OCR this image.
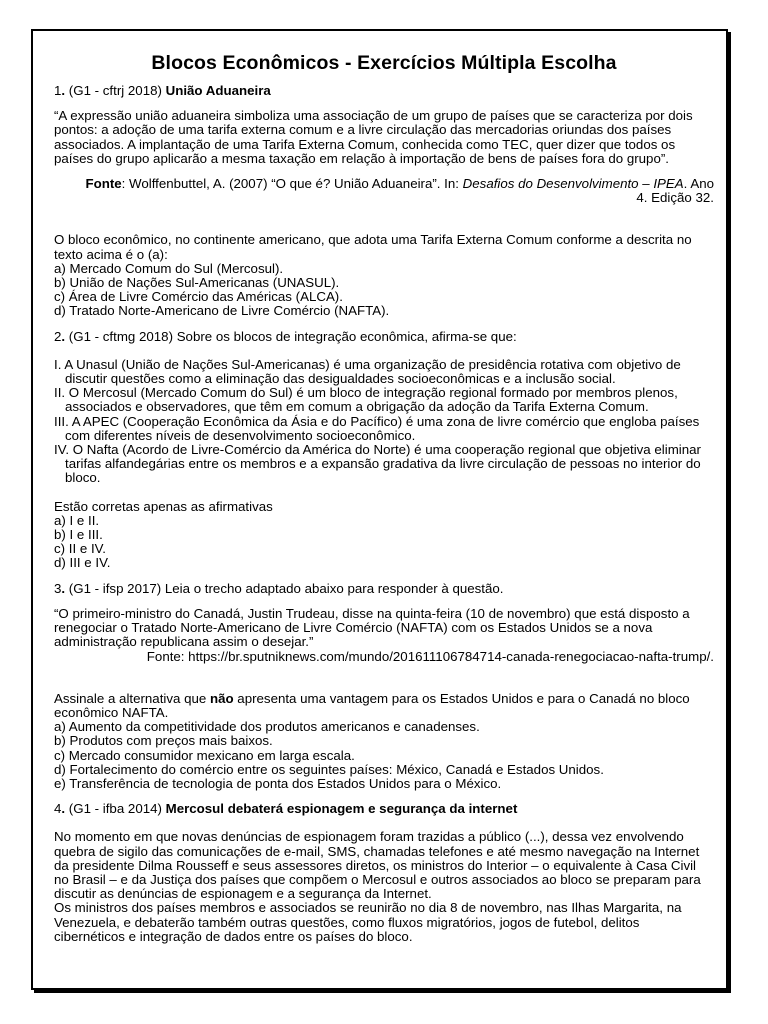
Blocos Econômicos - Exercícios Múltipla Escolha

1. (G1 - cftrj 2018) União Aduaneira

“A expressão união aduaneira simboliza uma associação de um grupo de países que se caracteriza por dois pontos: a adoção de uma tarifa externa comum e a livre circulação das mercadorias oriundas dos países associados. A implantação de uma Tarifa Externa Comum, conhecida como TEC, quer dizer que todos os países do grupo aplicarão a mesma taxação em relação à importação de bens de países fora do grupo”.

Fonte: Wolffenbuttel, A. (2007) “O que é? União Aduaneira”. In: Desafios do Desenvolvimento – IPEA. Ano 4. Edição 32.

O bloco econômico, no continente americano, que adota uma Tarifa Externa Comum conforme a descrita no texto acima é o (a):

a) Mercado Comum do Sul (Mercosul).

b) União de Nações Sul-Americanas (UNASUL).

c) Área de Livre Comércio das Américas (ALCA).

d) Tratado Norte-Americano de Livre Comércio (NAFTA).

2. (G1 - cftmg 2018) Sobre os blocos de integração econômica, afirma-se que:

I. A Unasul (União de Nações Sul-Americanas) é uma organização de presidência rotativa com objetivo de discutir questões como a eliminação das desigualdades socioeconômicas e a inclusão social.

II. O Mercosul (Mercado Comum do Sul) é um bloco de integração regional formado por membros plenos, associados e observadores, que têm em comum a obrigação da adoção da Tarifa Externa Comum.

III. A APEC (Cooperação Econômica da Ásia e do Pacífico) é uma zona de livre comércio que engloba países com diferentes níveis de desenvolvimento socioeconômico.

IV. O Nafta (Acordo de Livre-Comércio da América do Norte) é uma cooperação regional que objetiva eliminar tarifas alfandegárias entre os membros e a expansão gradativa da livre circulação de pessoas no interior do bloco.

Estão corretas apenas as afirmativas

a) I e II.

b) I e III.

c) II e IV.

d) III e IV.

3. (G1 - ifsp 2017) Leia o trecho adaptado abaixo para responder à questão.

“O primeiro-ministro do Canadá, Justin Trudeau, disse na quinta-feira (10 de novembro) que está disposto a renegociar o Tratado Norte-Americano de Livre Comércio (NAFTA) com os Estados Unidos se a nova administração republicana assim o desejar.”

Fonte: https://br.sputniknews.com/mundo/201611106784714-canada-renegociacao-nafta-trump/.

Assinale a alternativa que não apresenta uma vantagem para os Estados Unidos e para o Canadá no bloco econômico NAFTA.

a) Aumento da competitividade dos produtos americanos e canadenses.

b) Produtos com preços mais baixos.

c) Mercado consumidor mexicano em larga escala.

d) Fortalecimento do comércio entre os seguintes países: México, Canadá e Estados Unidos.

e) Transferência de tecnologia de ponta dos Estados Unidos para o México.

4. (G1 - ifba 2014) Mercosul debaterá espionagem e segurança da internet

No momento em que novas denúncias de espionagem foram trazidas a público (...), dessa vez envolvendo quebra de sigilo das comunicações de e-mail, SMS, chamadas telefones e até mesmo navegação na Internet da presidente Dilma Rousseff e seus assessores diretos, os ministros do Interior – o equivalente à Casa Civil no Brasil – e da Justiça dos países que compõem o Mercosul e outros associados ao bloco se preparam para discutir as denúncias de espionagem e a segurança da Internet.

Os ministros dos países membros e associados se reunirão no dia 8 de novembro, nas Ilhas Margarita, na Venezuela, e debaterão também outras questões, como fluxos migratórios, jogos de futebol, delitos cibernéticos e integração de dados entre os países do bloco.
